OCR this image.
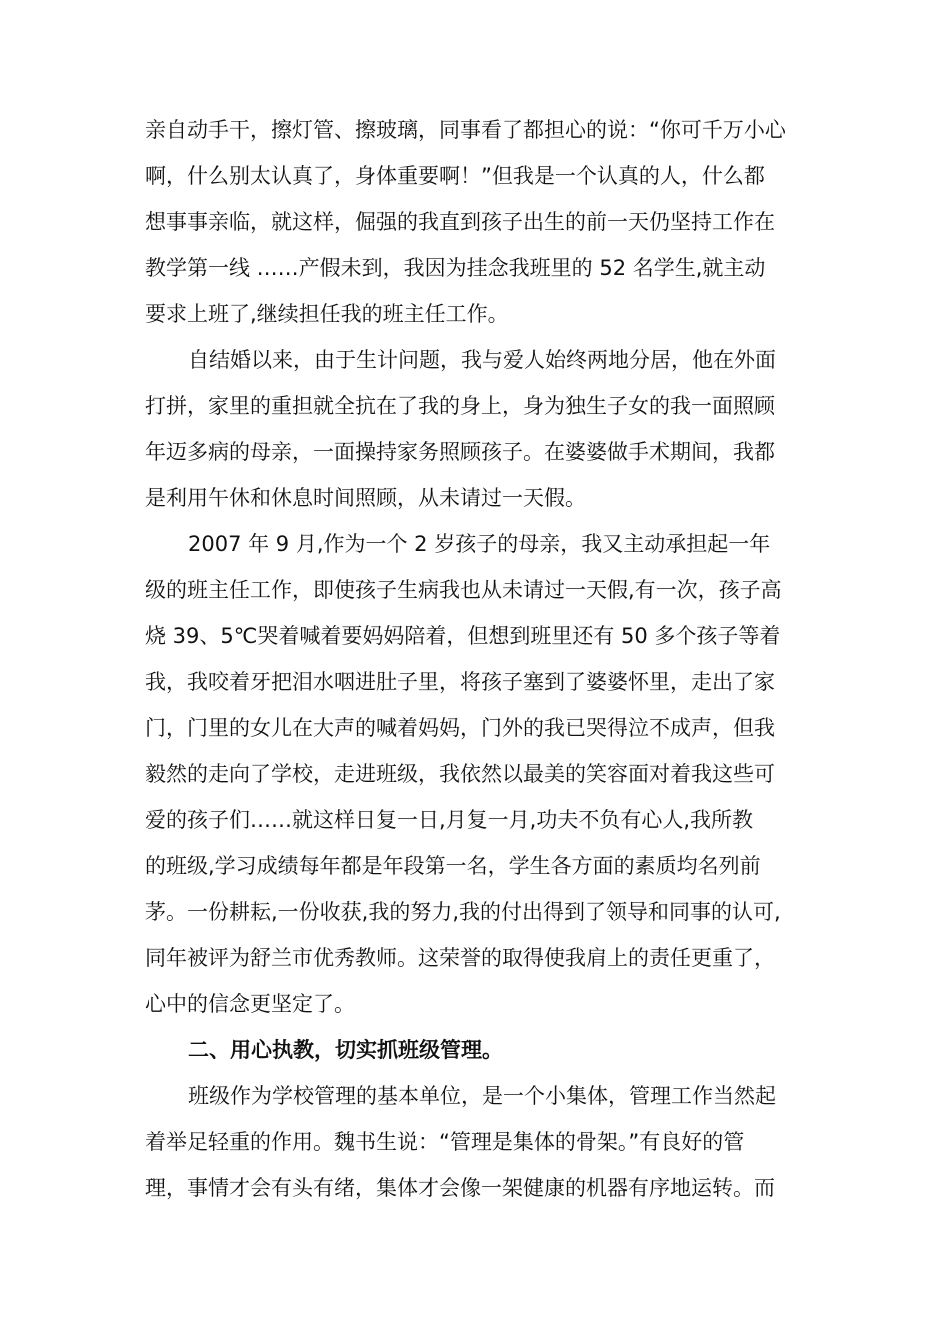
亲自动手干，擦灯管、擦玻璃，同事看了都担心的说：“你可千万小心
啊，什么别太认真了，身体重要啊！”但我是一个认真的人，什么都
想事事亲临，就这样，倔强的我直到孩子出生的前一天仍坚持工作在
教学第一线 ……产假未到，我因为挂念我班里的 52 名学生,就主动
要求上班了,继续担任我的班主任工作。
自结婚以来，由于生计问题，我与爱人始终两地分居，他在外面
打拼，家里的重担就全抗在了我的身上，身为独生子女的我一面照顾
年迈多病的母亲，一面操持家务照顾孩子。在婆婆做手术期间，我都
是利用午休和休息时间照顾，从未请过一天假。
2007 年 9 月,作为一个 2 岁孩子的母亲，我又主动承担起一年
级的班主任工作，即使孩子生病我也从未请过一天假,有一次，孩子高
烧 39、5℃哭着喊着要妈妈陪着，但想到班里还有 50 多个孩子等着
我，我咬着牙把泪水咽进肚子里，将孩子塞到了婆婆怀里，走出了家
门，门里的女儿在大声的喊着妈妈，门外的我已哭得泣不成声，但我
毅然的走向了学校，走进班级，我依然以最美的笑容面对着我这些可
爱的孩子们……就这样日复一日,月复一月,功夫不负有心人,我所教
的班级,学习成绩每年都是年段第一名，学生各方面的素质均名列前
茅。一份耕耘,一份收获,我的努力,我的付出得到了领导和同事的认可,
同年被评为舒兰市优秀教师。这荣誉的取得使我肩上的责任更重了，
心中的信念更坚定了。
二、用心执教，切实抓班级管理。
班级作为学校管理的基本单位，是一个小集体，管理工作当然起
着举足轻重的作用。魏书生说：“管理是集体的骨架。”有良好的管
理，事情才会有头有绪，集体才会像一架健康的机器有序地运转。而
